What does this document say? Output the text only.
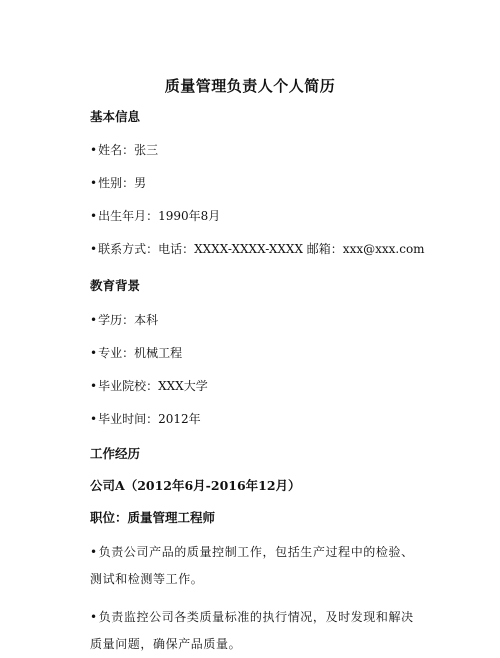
质量管理负责人个人简历
基本信息

•姓名：张三

•性别：男

•出生年月：1990年8月

•联系方式：电话：XXXX-XXXX-XXXX 邮箱：xxx@xxx.com

教育背景

•学历：本科

•专业：机械工程

•毕业院校：XXX大学

•毕业时间：2012年

工作经历
公司A（2012年6月-2016年12月）
职位：质量管理工程师

•负责公司产品的质量控制工作，包括生产过程中的检验、测试和检测等工作。

•负责监控公司各类质量标准的执行情况，及时发现和解决质量问题，确保产品质量。
